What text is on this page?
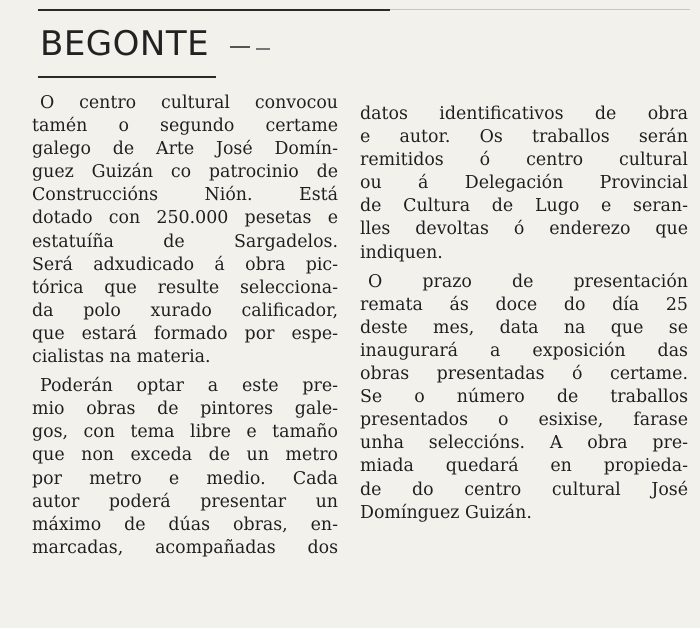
BEGONTE
O centro cultural convocou
tamén o segundo certame
galego de Arte José Domín-
guez Guizán co patrocinio de
Construccións Nión. Está
dotado con 250.000 pesetas e
estatuíña de Sargadelos.
Será adxudicado á obra pic-
tórica que resulte selecciona-
da polo xurado calificador,
que estará formado por espe-
cialistas na materia.
Poderán optar a este pre-
mio obras de pintores gale-
gos, con tema libre e tamaño
que non exceda de un metro
por metro e medio. Cada
autor poderá presentar un
máximo de dúas obras, en-
marcadas, acompañadas dos
datos identificativos de obra
e autor. Os traballos serán
remitidos ó centro cultural
ou á Delegación Provincial
de Cultura de Lugo e seran-
lles devoltas ó enderezo que
indiquen.
O prazo de presentación
remata ás doce do día 25
deste mes, data na que se
inaugurará a exposición das
obras presentadas ó certame.
Se o número de traballos
presentados o esixise, farase
unha seleccións. A obra pre-
miada quedará en propieda-
de do centro cultural José
Domínguez Guizán.
